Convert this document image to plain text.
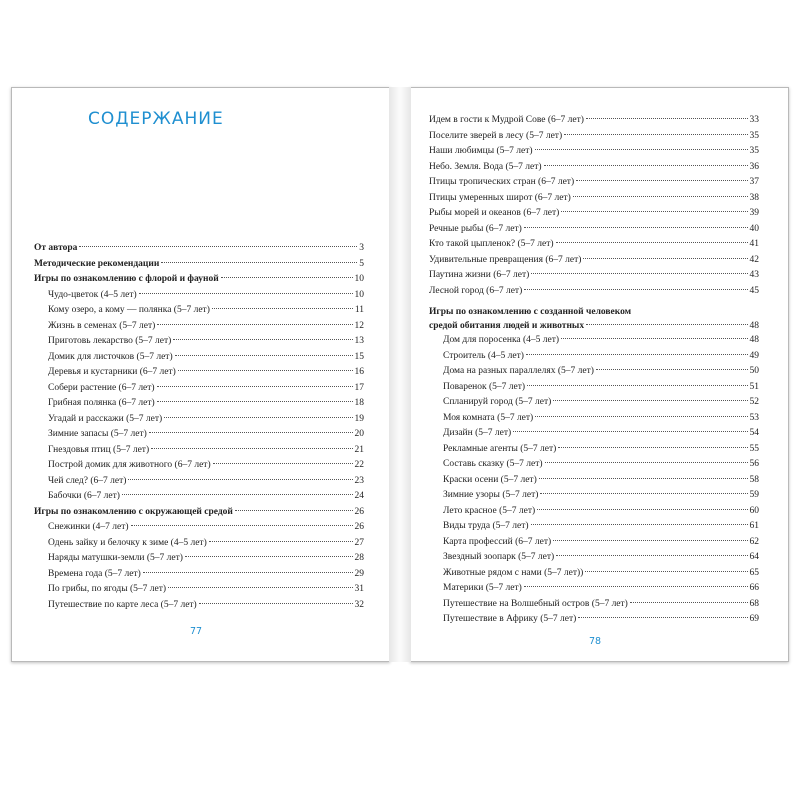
СОДЕРЖАНИЕ
От автора	3
Методические рекомендации	5
Игры по ознакомлению с флорой и фауной	10
Чудо-цветок (4–5 лет)	10
Кому озеро, а кому — полянка (5–7 лет)	11
Жизнь в семенах (5–7 лет)	12
Приготовь лекарство (5–7 лет)	13
Домик для листочков (5–7 лет)	15
Деревья и кустарники (6–7 лет)	16
Собери растение (6–7 лет)	17
Грибная полянка (6–7 лет)	18
Угадай и расскажи (5–7 лет)	19
Зимние запасы (5–7 лет)	20
Гнездовья птиц (5–7 лет)	21
Построй домик для животного (6–7 лет)	22
Чей след? (6–7 лет)	23
Бабочки (6–7 лет)	24
Игры по ознакомлению с окружающей средой	26
Снежинки (4–7 лет)	26
Одень зайку и белочку к зиме (4–5 лет)	27
Наряды матушки-земли (5–7 лет)	28
Времена года (5–7 лет)	29
По грибы, по ягоды (5–7 лет)	31
Путешествие по карте леса (5–7 лет)	32
Идем в гости к Мудрой Сове (6–7 лет)	33
Поселите зверей в лесу (5–7 лет)	35
Наши любимцы (5–7 лет)	35
Небо. Земля. Вода (5–7 лет)	36
Птицы тропических стран (6–7 лет)	37
Птицы умеренных широт (6–7 лет)	38
Рыбы морей и океанов (6–7 лет)	39
Речные рыбы (6–7 лет)	40
Кто такой цыпленок? (5–7 лет)	41
Удивительные превращения (6–7 лет)	42
Паутина жизни (6–7 лет)	43
Лесной город (6–7 лет)	45
Игры по ознакомлению с созданной человеком
средой обитания людей и животных	48
Дом для поросенка (4–5 лет)	48
Строитель (4–5 лет)	49
Дома на разных параллелях (5–7 лет)	50
Поваренок (5–7 лет)	51
Спланируй город (5–7 лет)	52
Моя комната (5–7 лет)	53
Дизайн (5–7 лет)	54
Рекламные агенты (5–7 лет)	55
Составь сказку (5–7 лет)	56
Краски осени (5–7 лет)	58
Зимние узоры (5–7 лет)	59
Лето красное (5–7 лет)	60
Виды труда (5–7 лет)	61
Карта профессий (6–7 лет)	62
Звездный зоопарк (5–7 лет)	64
Животные рядом с нами (5–7 лет))	65
Материки (5–7 лет)	66
Путешествие на Волшебный остров (5–7 лет)	68
Путешествие в Африку (5–7 лет)	69
77
78
